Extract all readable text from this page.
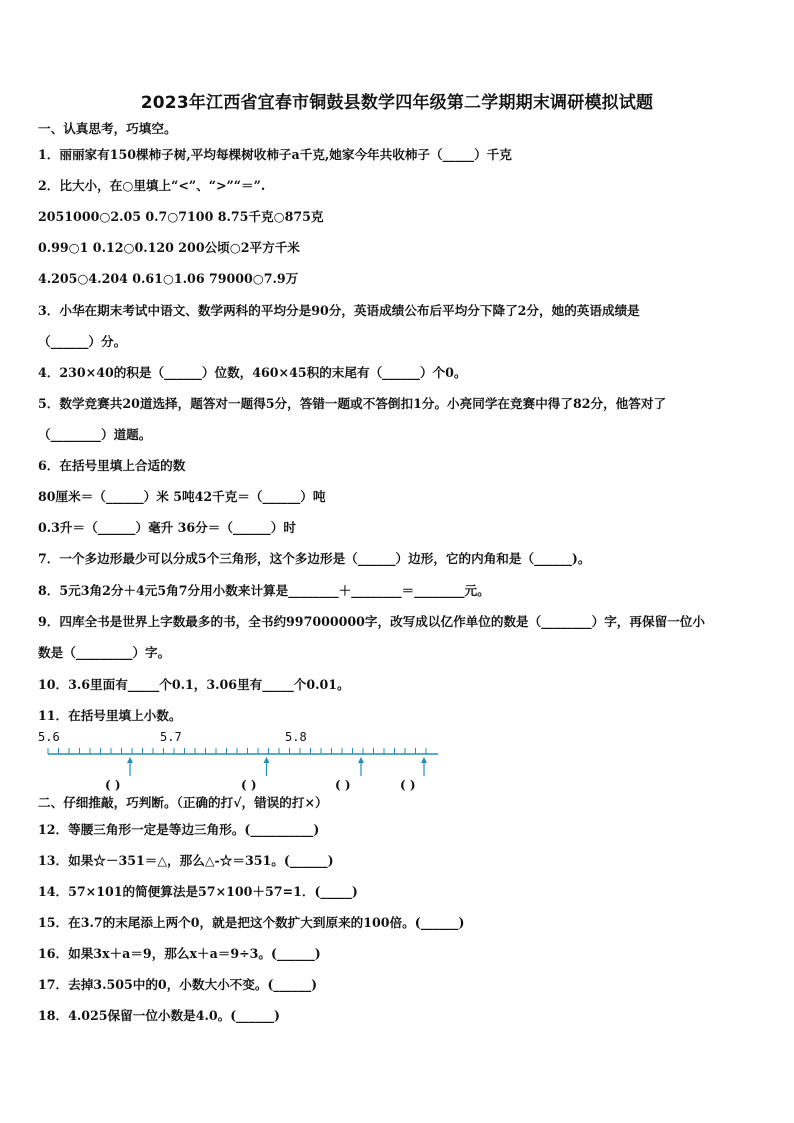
2023年江西省宜春市铜鼓县数学四年级第二学期期末调研模拟试题
一、认真思考，巧填空。
1．丽丽家有150棵柿子树,平均每棵树收柿子a千克,她家今年共收柿子（_____）千克
2．比大小，在○里填上“<”、“>”“＝”.
2051000○2.05 0.7○7100 8.75千克○875克
0.99○1 0.12○0.120 200公顷○2平方千米
4.205○4.204 0.61○1.06 79000○7.9万
3．小华在期末考试中语文、数学两科的平均分是90分，英语成绩公布后平均分下降了2分，她的英语成绩是
（______）分。
4．230×40的积是（______）位数，460×45积的末尾有（______）个0。
5．数学竞赛共20道选择，题答对一题得5分，答错一题或不答倒扣1分。小亮同学在竞赛中得了82分，他答对了
（________）道题。
6．在括号里填上合适的数
80厘米＝（______）米 5吨42千克＝（______）吨
0.3升＝（______）毫升 36分＝（______）时
7．一个多边形最少可以分成5个三角形，这个多边形是（______）边形，它的内角和是（______)。
8．5元3角2分＋4元5角7分用小数来计算是________＋________＝________元。
9．四库全书是世界上字数最多的书，全书约997000000字，改写成以亿作单位的数是（________）字，再保留一位小
数是（_________）字。
10．3.6里面有_____个0.1，3.06里有_____个0.01。
11．在括号里填上小数。
5.6	5.7	5.8
( )	( )	( )	( )
二、仔细推敲，巧判断。（正确的打√，错误的打×）
12．等腰三角形一定是等边三角形。(__________)
13．如果☆－351＝△，那么△-☆＝351。(______)
14．57×101的简便算法是57×100＋57=1．(_____)
15．在3.7的末尾添上两个0，就是把这个数扩大到原来的100倍。(______)
16．如果3x＋a＝9，那么x＋a＝9÷3。(______)
17．去掉3.505中的0，小数大小不变。(______)
18．4.025保留一位小数是4.0。(______)
